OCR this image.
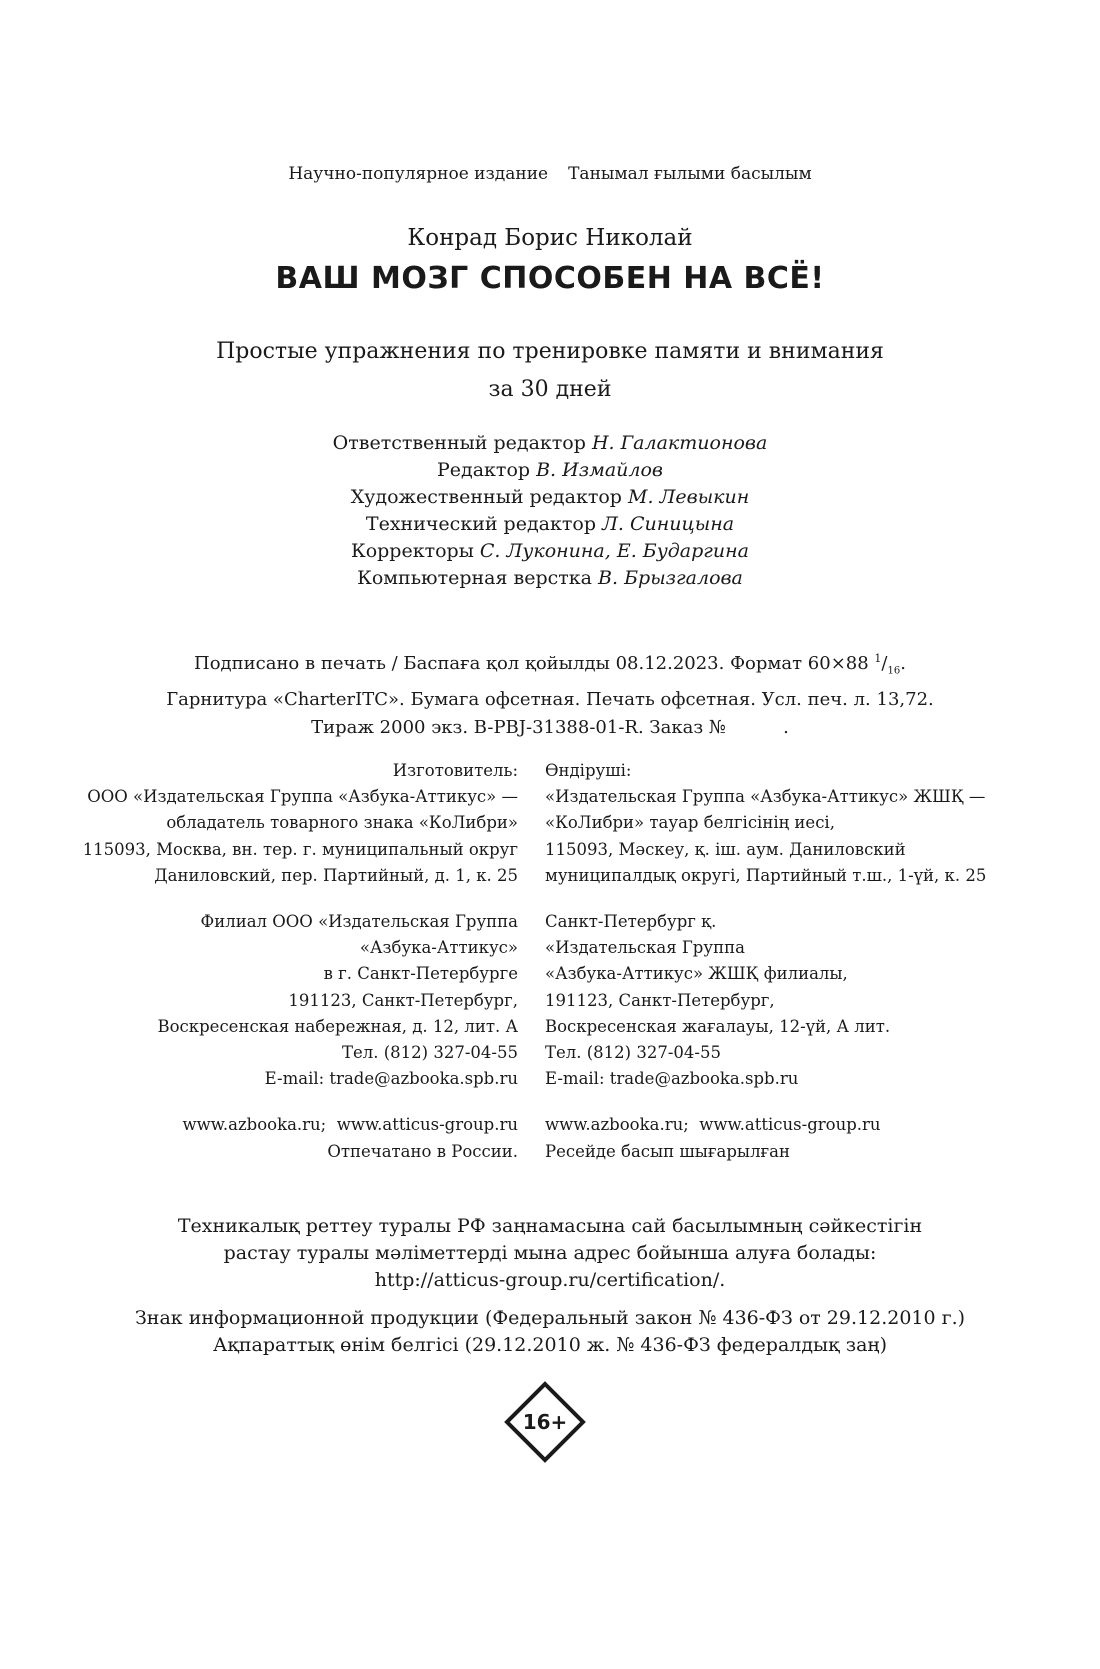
Научно-популярное издание Танымал ғылыми басылым
Конрад Борис Николай
ВАШ МОЗГ СПОСОБЕН НА ВСЁ!
Простые упражнения по тренировке памяти и внимания
за 30 дней
Ответственный редактор Н. Галактионова
Редактор В. Измайлов
Художественный редактор М. Левыкин
Технический редактор Л. Синицына
Корректоры С. Луконина, Е. Бударгина
Компьютерная верстка В. Брызгалова
Подписано в печать / Баспаға қол қойылды 08.12.2023. Формат 60×88 $^1/_{16}$.
Гарнитура «CharterITC». Бумага офсетная. Печать офсетная. Усл. печ. л. 13,72.
Тираж 2000 экз. B-PBJ-31388-01-R. Заказ №          .
Изготовитель:
ООО «Издательская Группа «Азбука-Аттикус» —
обладатель товарного знака «КоЛибри»
115093, Москва, вн. тер. г. муниципальный округ
Даниловский, пер. Партийный, д. 1, к. 25
Филиал ООО «Издательская Группа
«Азбука-Аттикус»
в г. Санкт-Петербурге
191123, Санкт-Петербург,
Воскресенская набережная, д. 12, лит. А
Тел. (812) 327-04-55
E-mail: trade@azbooka.spb.ru
www.azbooka.ru;  www.atticus-group.ru
Отпечатано в России.
Өндіруші:
«Издательская Группа «Азбука-Аттикус» ЖШҚ —
«КоЛибри» тауар белгісінің иесі,
115093, Мәскеу, қ. іш. аум. Даниловский
муниципалдық округі, Партийный т.ш., 1-үй, к. 25
Санкт-Петербург қ.
«Издательская Группа
«Азбука-Аттикус» ЖШҚ филиалы,
191123, Санкт-Петербург,
Воскресенская жағалауы, 12-үй, А лит.
Тел. (812) 327-04-55
E-mail: trade@azbooka.spb.ru
www.azbooka.ru;  www.atticus-group.ru
Ресейде басып шығарылған
Техникалық реттеу туралы РФ заңнамасына сай басылымның сәйкестігін
растау туралы мәліметтерді мына адрес бойынша алуға болады:
http://atticus-group.ru/certification/.
Знак информационной продукции (Федеральный закон № 436-ФЗ от 29.12.2010 г.)
Ақпараттық өнім белгісі (29.12.2010 ж. № 436-ФЗ федералдық заң)
16+
